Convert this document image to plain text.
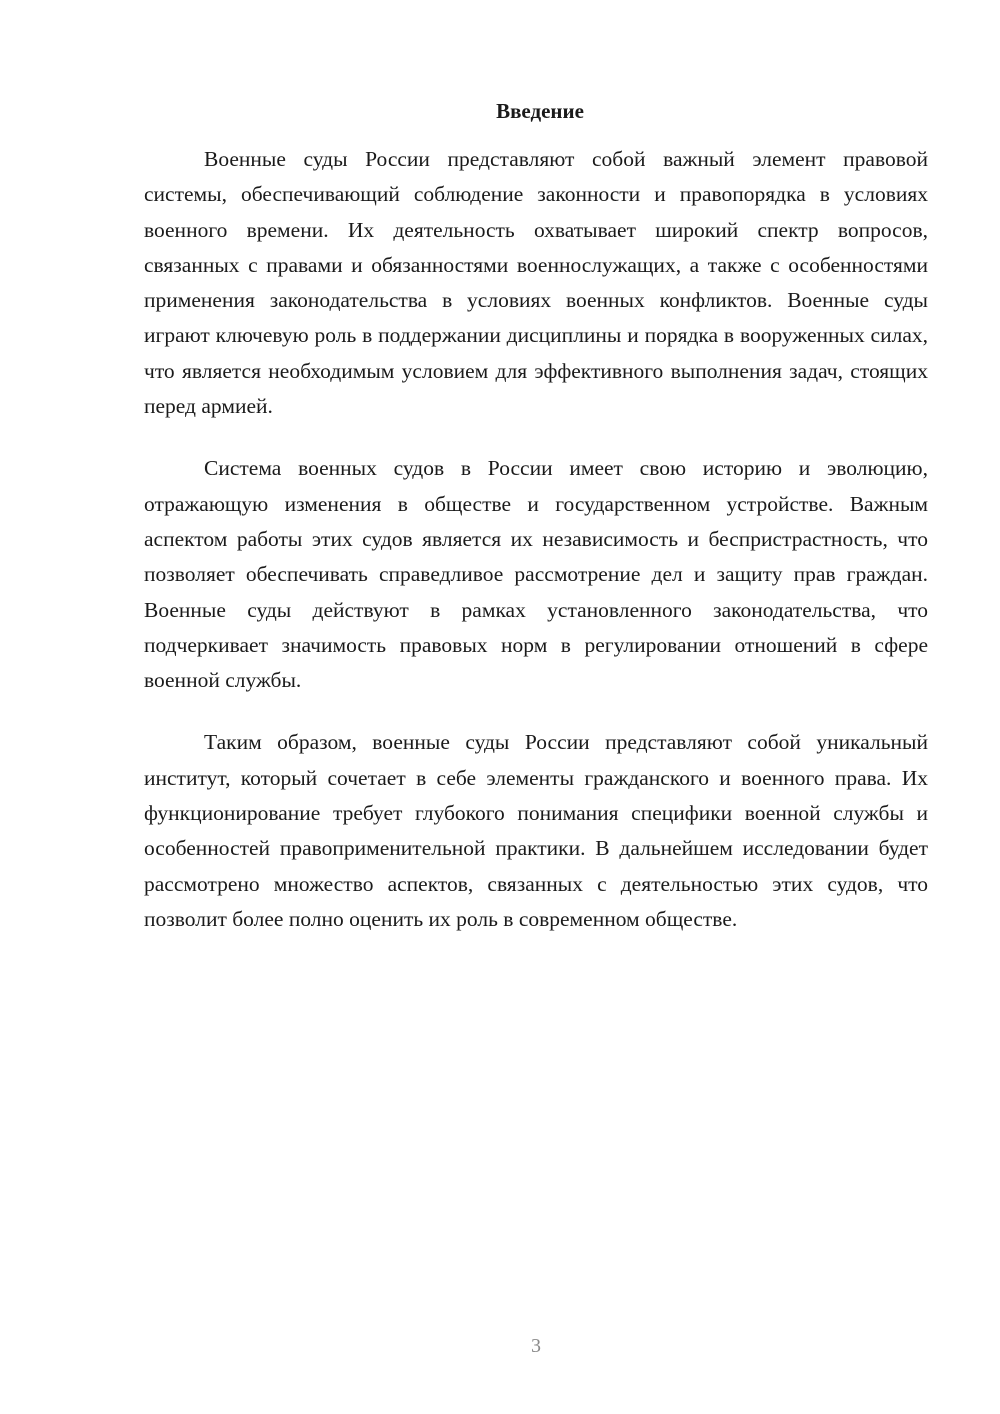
Введение

Военные суды России представляют собой важный элемент правовой системы, обеспечивающий соблюдение законности и правопорядка в условиях военного времени. Их деятельность охватывает широкий спектр вопросов, связанных с правами и обязанностями военнослужащих, а также с особенностями применения законодательства в условиях военных конфликтов. Военные суды играют ключевую роль в поддержании дисциплины и порядка в вооруженных силах, что является необходимым условием для эффективного выполнения задач, стоящих перед армией.

Система военных судов в России имеет свою историю и эволюцию, отражающую изменения в обществе и государственном устройстве. Важным аспектом работы этих судов является их независимость и беспристрастность, что позволяет обеспечивать справедливое рассмотрение дел и защиту прав граждан. Военные суды действуют в рамках установленного законодательства, что подчеркивает значимость правовых норм в регулировании отношений в сфере военной службы.

Таким образом, военные суды России представляют собой уникальный институт, который сочетает в себе элементы гражданского и военного права. Их функционирование требует глубокого понимания специфики военной службы и особенностей правоприменительной практики. В дальнейшем исследовании будет рассмотрено множество аспектов, связанных с деятельностью этих судов, что позволит более полно оценить их роль в современном обществе.

3
